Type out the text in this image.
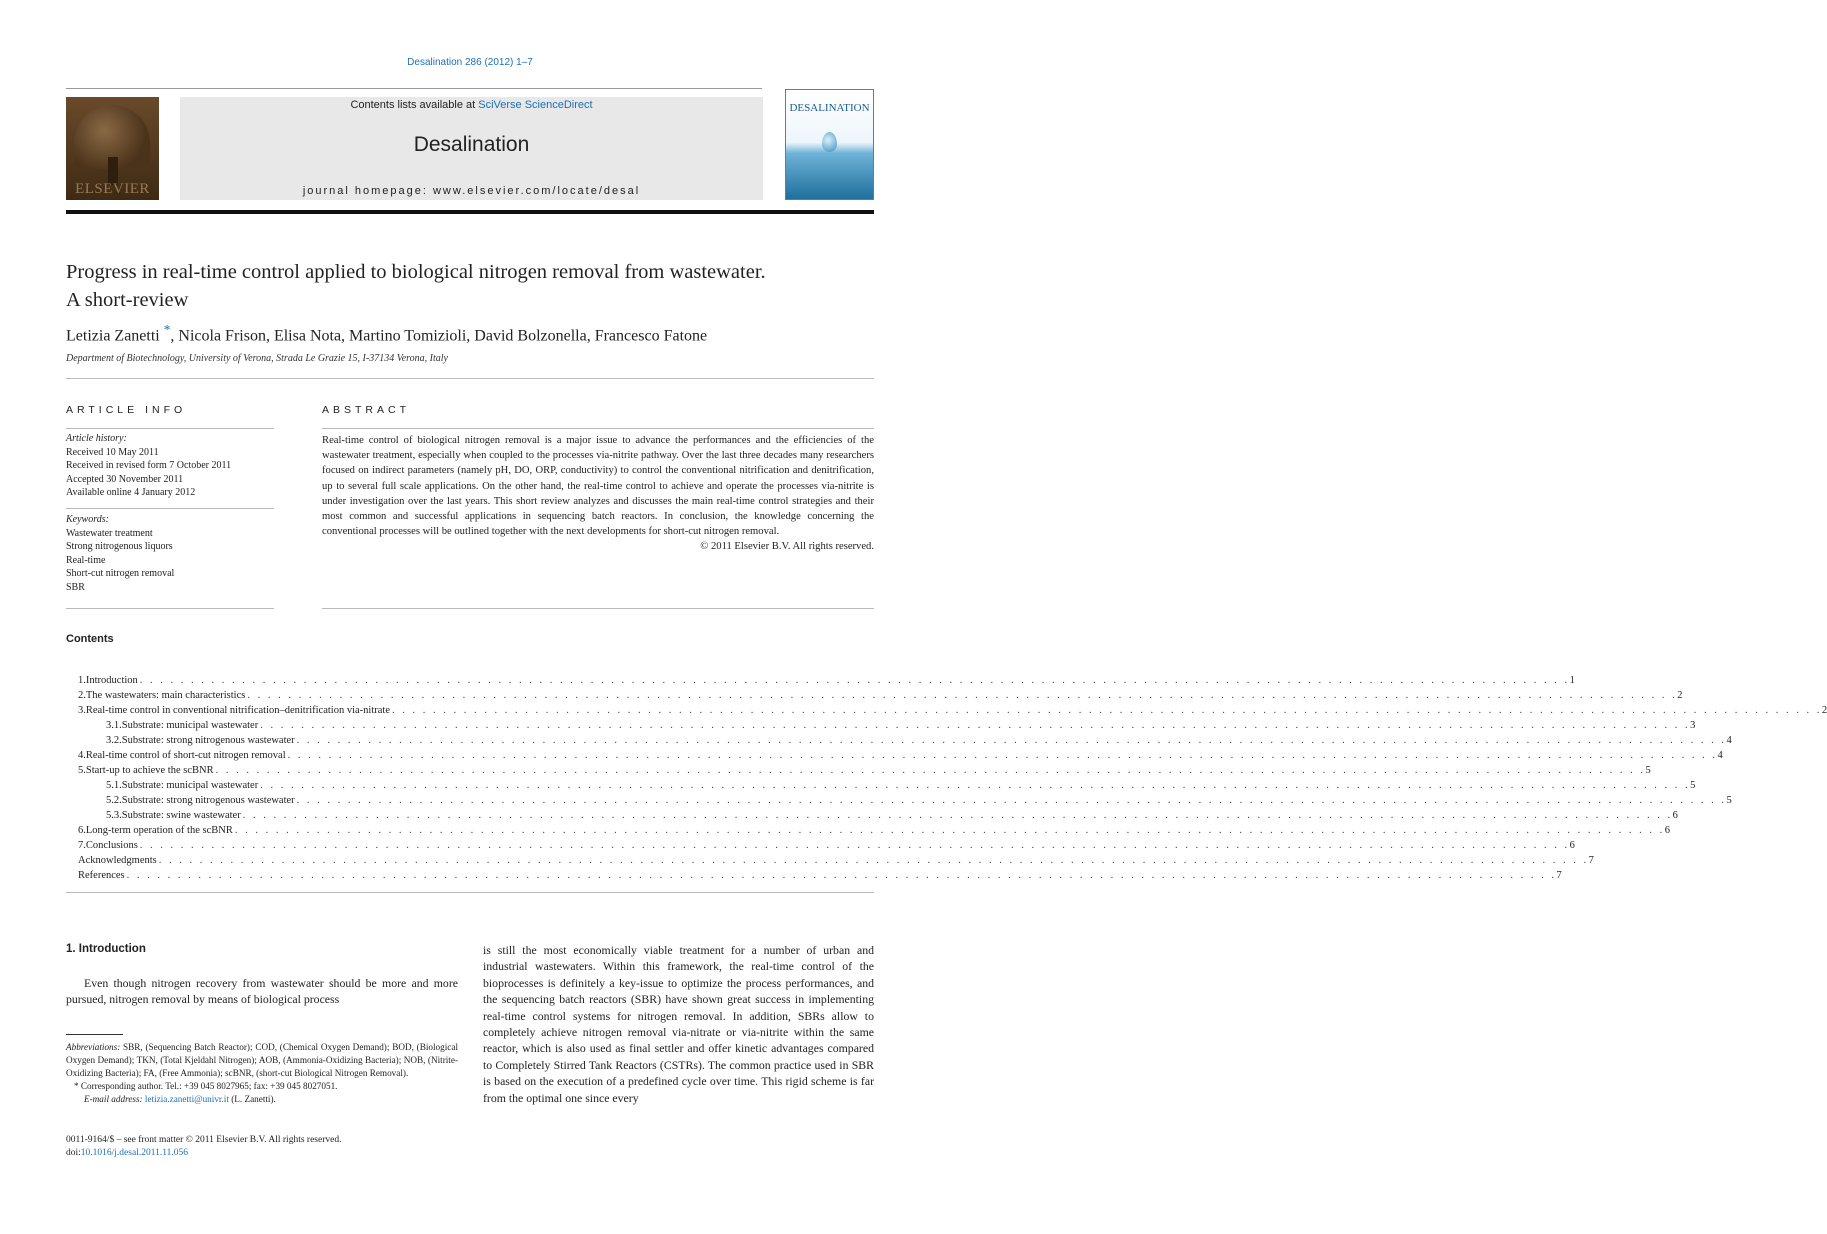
Desalination 286 (2012) 1–7
ELSEVIER
Contents lists available at SciVerse ScienceDirect
Desalination
journal homepage: www.elsevier.com/locate/desal
DESALINATION
Progress in real-time control applied to biological nitrogen removal from wastewater.
A short-review
Letizia Zanetti *, Nicola Frison, Elisa Nota, Martino Tomizioli, David Bolzonella, Francesco Fatone
Department of Biotechnology, University of Verona, Strada Le Grazie 15, I-37134 Verona, Italy
ARTICLE INFO
Article history:
Received 10 May 2011
Received in revised form 7 October 2011
Accepted 30 November 2011
Available online 4 January 2012
Keywords:
Wastewater treatment
Strong nitrogenous liquors
Real-time
Short-cut nitrogen removal
SBR
ABSTRACT
Real-time control of biological nitrogen removal is a major issue to advance the performances and the efficiencies of the wastewater treatment, especially when coupled to the processes via-nitrite pathway. Over the last three decades many researchers focused on indirect parameters (namely pH, DO, ORP, conductivity) to control the conventional nitrification and denitrification, up to several full scale applications. On the other hand, the real-time control to achieve and operate the processes via-nitrite is under investigation over the last years. This short review analyzes and discusses the main real-time control strategies and their most common and successful applications in sequencing batch reactors. In conclusion, the knowledge concerning the conventional processes will be outlined together with the next developments for short-cut nitrogen removal.
© 2011 Elsevier B.V. All rights reserved.
Contents
1. Introduction . . . . . . . . . . . . . . . . . . . . . . . . . . . . . . . . . . . . . . . . . . . . . . . . . . . . . . . . . . . . . . . . . . . . . . . . . . . . . . . . . . . . . . . . . . . . . . . . . . . . . . . . . . . . . . . . . . . . . . . . . . . . . . . . . . . . . . . . . . . . 1
2. The wastewaters: main characteristics . . . . . . . . . . . . . . . . . . . . . . . . . . . . . . . . . . . . . . . . . . . . . . . . . . . . . . . . . . . . . . . . . . . . . . . . . . . . . . . . . . . . . . . . . . . . . . . . . . . . . . . . . . . . . . . . . . . . . . . . . . . . . . . . . . . . . . . . . . . . 2
3. Real-time control in conventional nitrification–denitrification via-nitrate . . . . . . . . . . . . . . . . . . . . . . . . . . . . . . . . . . . . . . . . . . . . . . . . . . . . . . . . . . . . . . . . . . . . . . . . . . . . . . . . . . . . . . . . . . . . . . . . . . . . . . . . . . . . . . . . . . . . . . . . . . . . . . . . . . . . . . . . . . . . 2
3.1. Substrate: municipal wastewater . . . . . . . . . . . . . . . . . . . . . . . . . . . . . . . . . . . . . . . . . . . . . . . . . . . . . . . . . . . . . . . . . . . . . . . . . . . . . . . . . . . . . . . . . . . . . . . . . . . . . . . . . . . . . . . . . . . . . . . . . . . . . . . . . . . . . . . . . . . . 3
3.2. Substrate: strong nitrogenous wastewater . . . . . . . . . . . . . . . . . . . . . . . . . . . . . . . . . . . . . . . . . . . . . . . . . . . . . . . . . . . . . . . . . . . . . . . . . . . . . . . . . . . . . . . . . . . . . . . . . . . . . . . . . . . . . . . . . . . . . . . . . . . . . . . . . . . . . . . . . . . . 4
4. Real-time control of short-cut nitrogen removal . . . . . . . . . . . . . . . . . . . . . . . . . . . . . . . . . . . . . . . . . . . . . . . . . . . . . . . . . . . . . . . . . . . . . . . . . . . . . . . . . . . . . . . . . . . . . . . . . . . . . . . . . . . . . . . . . . . . . . . . . . . . . . . . . . . . . . . . . . . . 4
5. Start-up to achieve the scBNR . . . . . . . . . . . . . . . . . . . . . . . . . . . . . . . . . . . . . . . . . . . . . . . . . . . . . . . . . . . . . . . . . . . . . . . . . . . . . . . . . . . . . . . . . . . . . . . . . . . . . . . . . . . . . . . . . . . . . . . . . . . . . . . . . . . . . . . . . . . . 5
5.1. Substrate: municipal wastewater . . . . . . . . . . . . . . . . . . . . . . . . . . . . . . . . . . . . . . . . . . . . . . . . . . . . . . . . . . . . . . . . . . . . . . . . . . . . . . . . . . . . . . . . . . . . . . . . . . . . . . . . . . . . . . . . . . . . . . . . . . . . . . . . . . . . . . . . . . . . 5
5.2. Substrate: strong nitrogenous wastewater . . . . . . . . . . . . . . . . . . . . . . . . . . . . . . . . . . . . . . . . . . . . . . . . . . . . . . . . . . . . . . . . . . . . . . . . . . . . . . . . . . . . . . . . . . . . . . . . . . . . . . . . . . . . . . . . . . . . . . . . . . . . . . . . . . . . . . . . . . . . 5
5.3. Substrate: swine wastewater . . . . . . . . . . . . . . . . . . . . . . . . . . . . . . . . . . . . . . . . . . . . . . . . . . . . . . . . . . . . . . . . . . . . . . . . . . . . . . . . . . . . . . . . . . . . . . . . . . . . . . . . . . . . . . . . . . . . . . . . . . . . . . . . . . . . . . . . . . . . 6
6. Long-term operation of the scBNR . . . . . . . . . . . . . . . . . . . . . . . . . . . . . . . . . . . . . . . . . . . . . . . . . . . . . . . . . . . . . . . . . . . . . . . . . . . . . . . . . . . . . . . . . . . . . . . . . . . . . . . . . . . . . . . . . . . . . . . . . . . . . . . . . . . . . . . . . . . . 6
7. Conclusions . . . . . . . . . . . . . . . . . . . . . . . . . . . . . . . . . . . . . . . . . . . . . . . . . . . . . . . . . . . . . . . . . . . . . . . . . . . . . . . . . . . . . . . . . . . . . . . . . . . . . . . . . . . . . . . . . . . . . . . . . . . . . . . . . . . . . . . . . . . . 6
Acknowledgments . . . . . . . . . . . . . . . . . . . . . . . . . . . . . . . . . . . . . . . . . . . . . . . . . . . . . . . . . . . . . . . . . . . . . . . . . . . . . . . . . . . . . . . . . . . . . . . . . . . . . . . . . . . . . . . . . . . . . . . . . . . . . . . . . . . . . . . . . . . . 7
References . . . . . . . . . . . . . . . . . . . . . . . . . . . . . . . . . . . . . . . . . . . . . . . . . . . . . . . . . . . . . . . . . . . . . . . . . . . . . . . . . . . . . . . . . . . . . . . . . . . . . . . . . . . . . . . . . . . . . . . . . . . . . . . . . . . . . . . . . . . . 7
1. Introduction
Even though nitrogen recovery from wastewater should be more and more pursued, nitrogen removal by means of biological process
is still the most economically viable treatment for a number of urban and industrial wastewaters. Within this framework, the real-time control of the bioprocesses is definitely a key-issue to optimize the process performances, and the sequencing batch reactors (SBR) have shown great success in implementing real-time control systems for nitrogen removal. In addition, SBRs allow to completely achieve nitrogen removal via-nitrate or via-nitrite within the same reactor, which is also used as final settler and offer kinetic advantages compared to Completely Stirred Tank Reactors (CSTRs). The common practice used in SBR is based on the execution of a predefined cycle over time. This rigid scheme is far from the optimal one since every
Abbreviations: SBR, (Sequencing Batch Reactor); COD, (Chemical Oxygen Demand); BOD, (Biological Oxygen Demand); TKN, (Total Kjeldahl Nitrogen); AOB, (Ammonia-Oxidizing Bacteria); NOB, (Nitrite-Oxidizing Bacteria); FA, (Free Ammonia); scBNR, (short-cut Biological Nitrogen Removal).
* Corresponding author. Tel.: +39 045 8027965; fax: +39 045 8027051.
E-mail address: letizia.zanetti@univr.it (L. Zanetti).
0011-9164/$ – see front matter © 2011 Elsevier B.V. All rights reserved.
doi:10.1016/j.desal.2011.11.056
